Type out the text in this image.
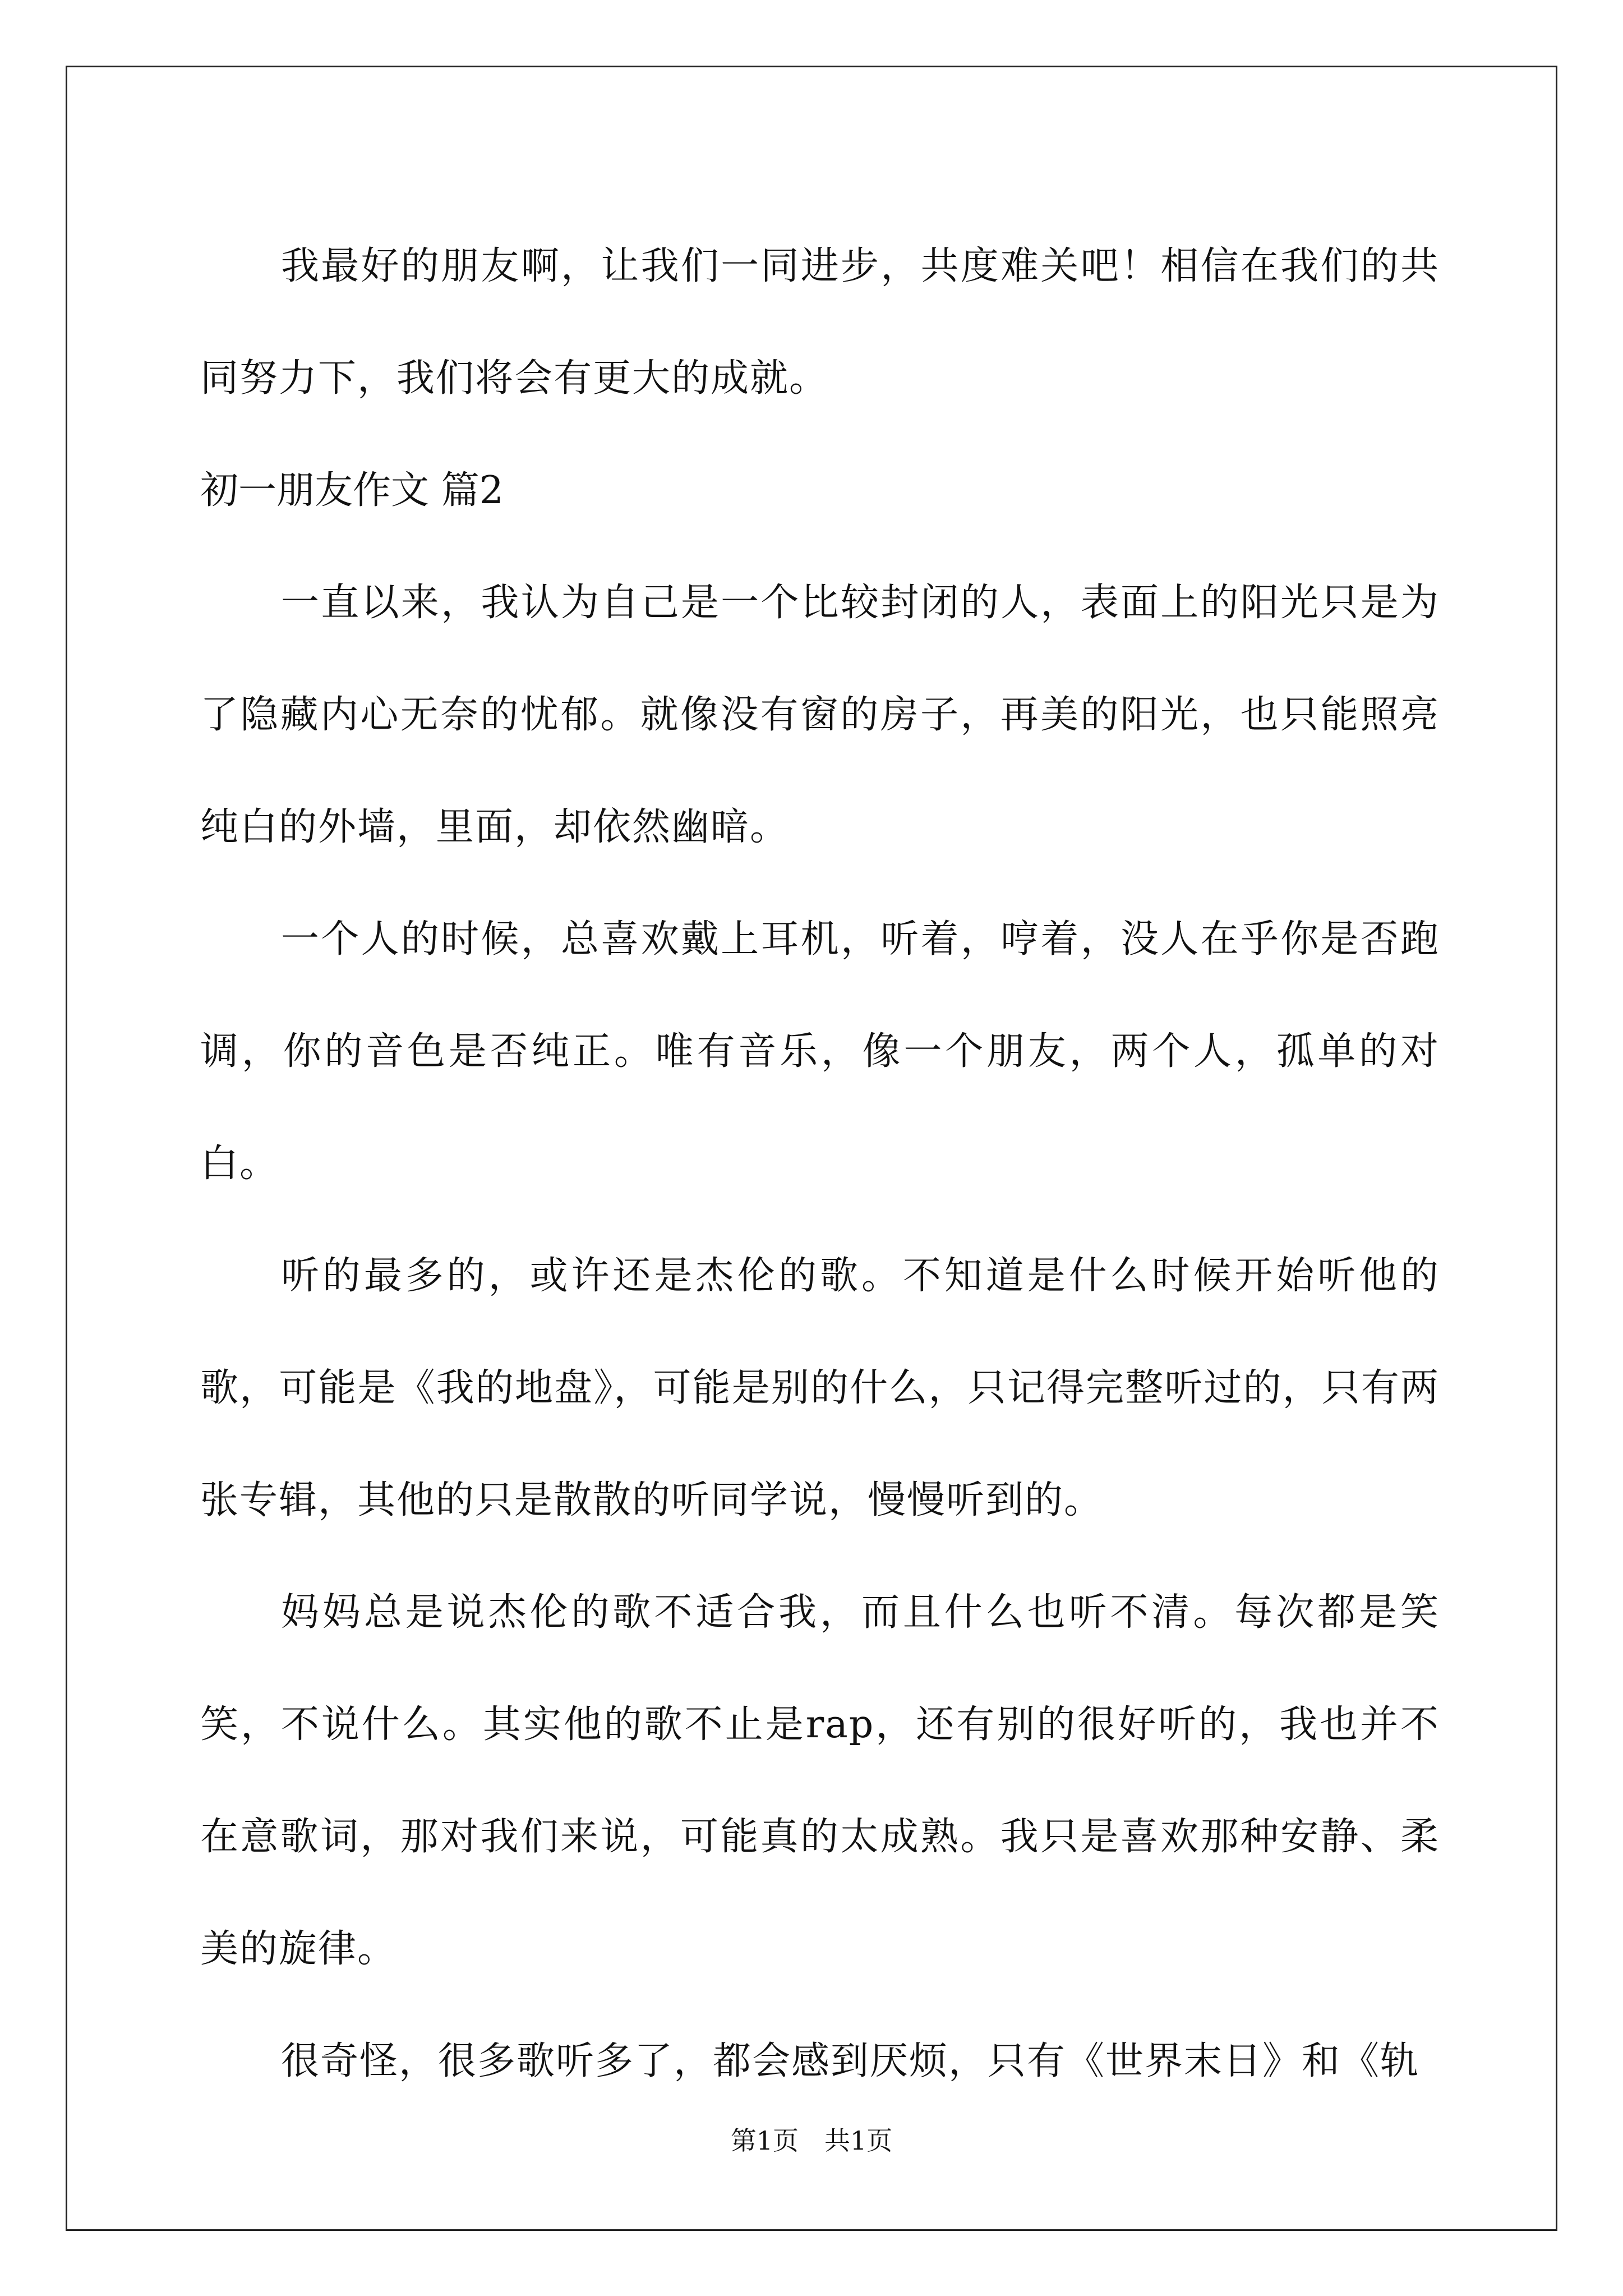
我最好的朋友啊，让我们一同进步，共度难关吧！相信在我们的共同努力下，我们将会有更大的成就。

初一朋友作文 篇2

一直以来，我认为自己是一个比较封闭的人，表面上的阳光只是为了隐藏内心无奈的忧郁。就像没有窗的房子，再美的阳光，也只能照亮纯白的外墙，里面，却依然幽暗。

一个人的时候，总喜欢戴上耳机，听着，哼着，没人在乎你是否跑调，你的音色是否纯正。唯有音乐，像一个朋友，两个人，孤单的对白。

听的最多的，或许还是杰伦的歌。不知道是什么时候开始听他的歌，可能是《我的地盘》，可能是别的什么，只记得完整听过的，只有两张专辑，其他的只是散散的听同学说，慢慢听到的。

妈妈总是说杰伦的歌不适合我，而且什么也听不清。每次都是笑笑，不说什么。其实他的歌不止是rap，还有别的很好听的，我也并不在意歌词，那对我们来说，可能真的太成熟。我只是喜欢那种安静、柔美的旋律。

很奇怪，很多歌听多了，都会感到厌烦，只有《世界末日》和《轨

第1页　共1页
